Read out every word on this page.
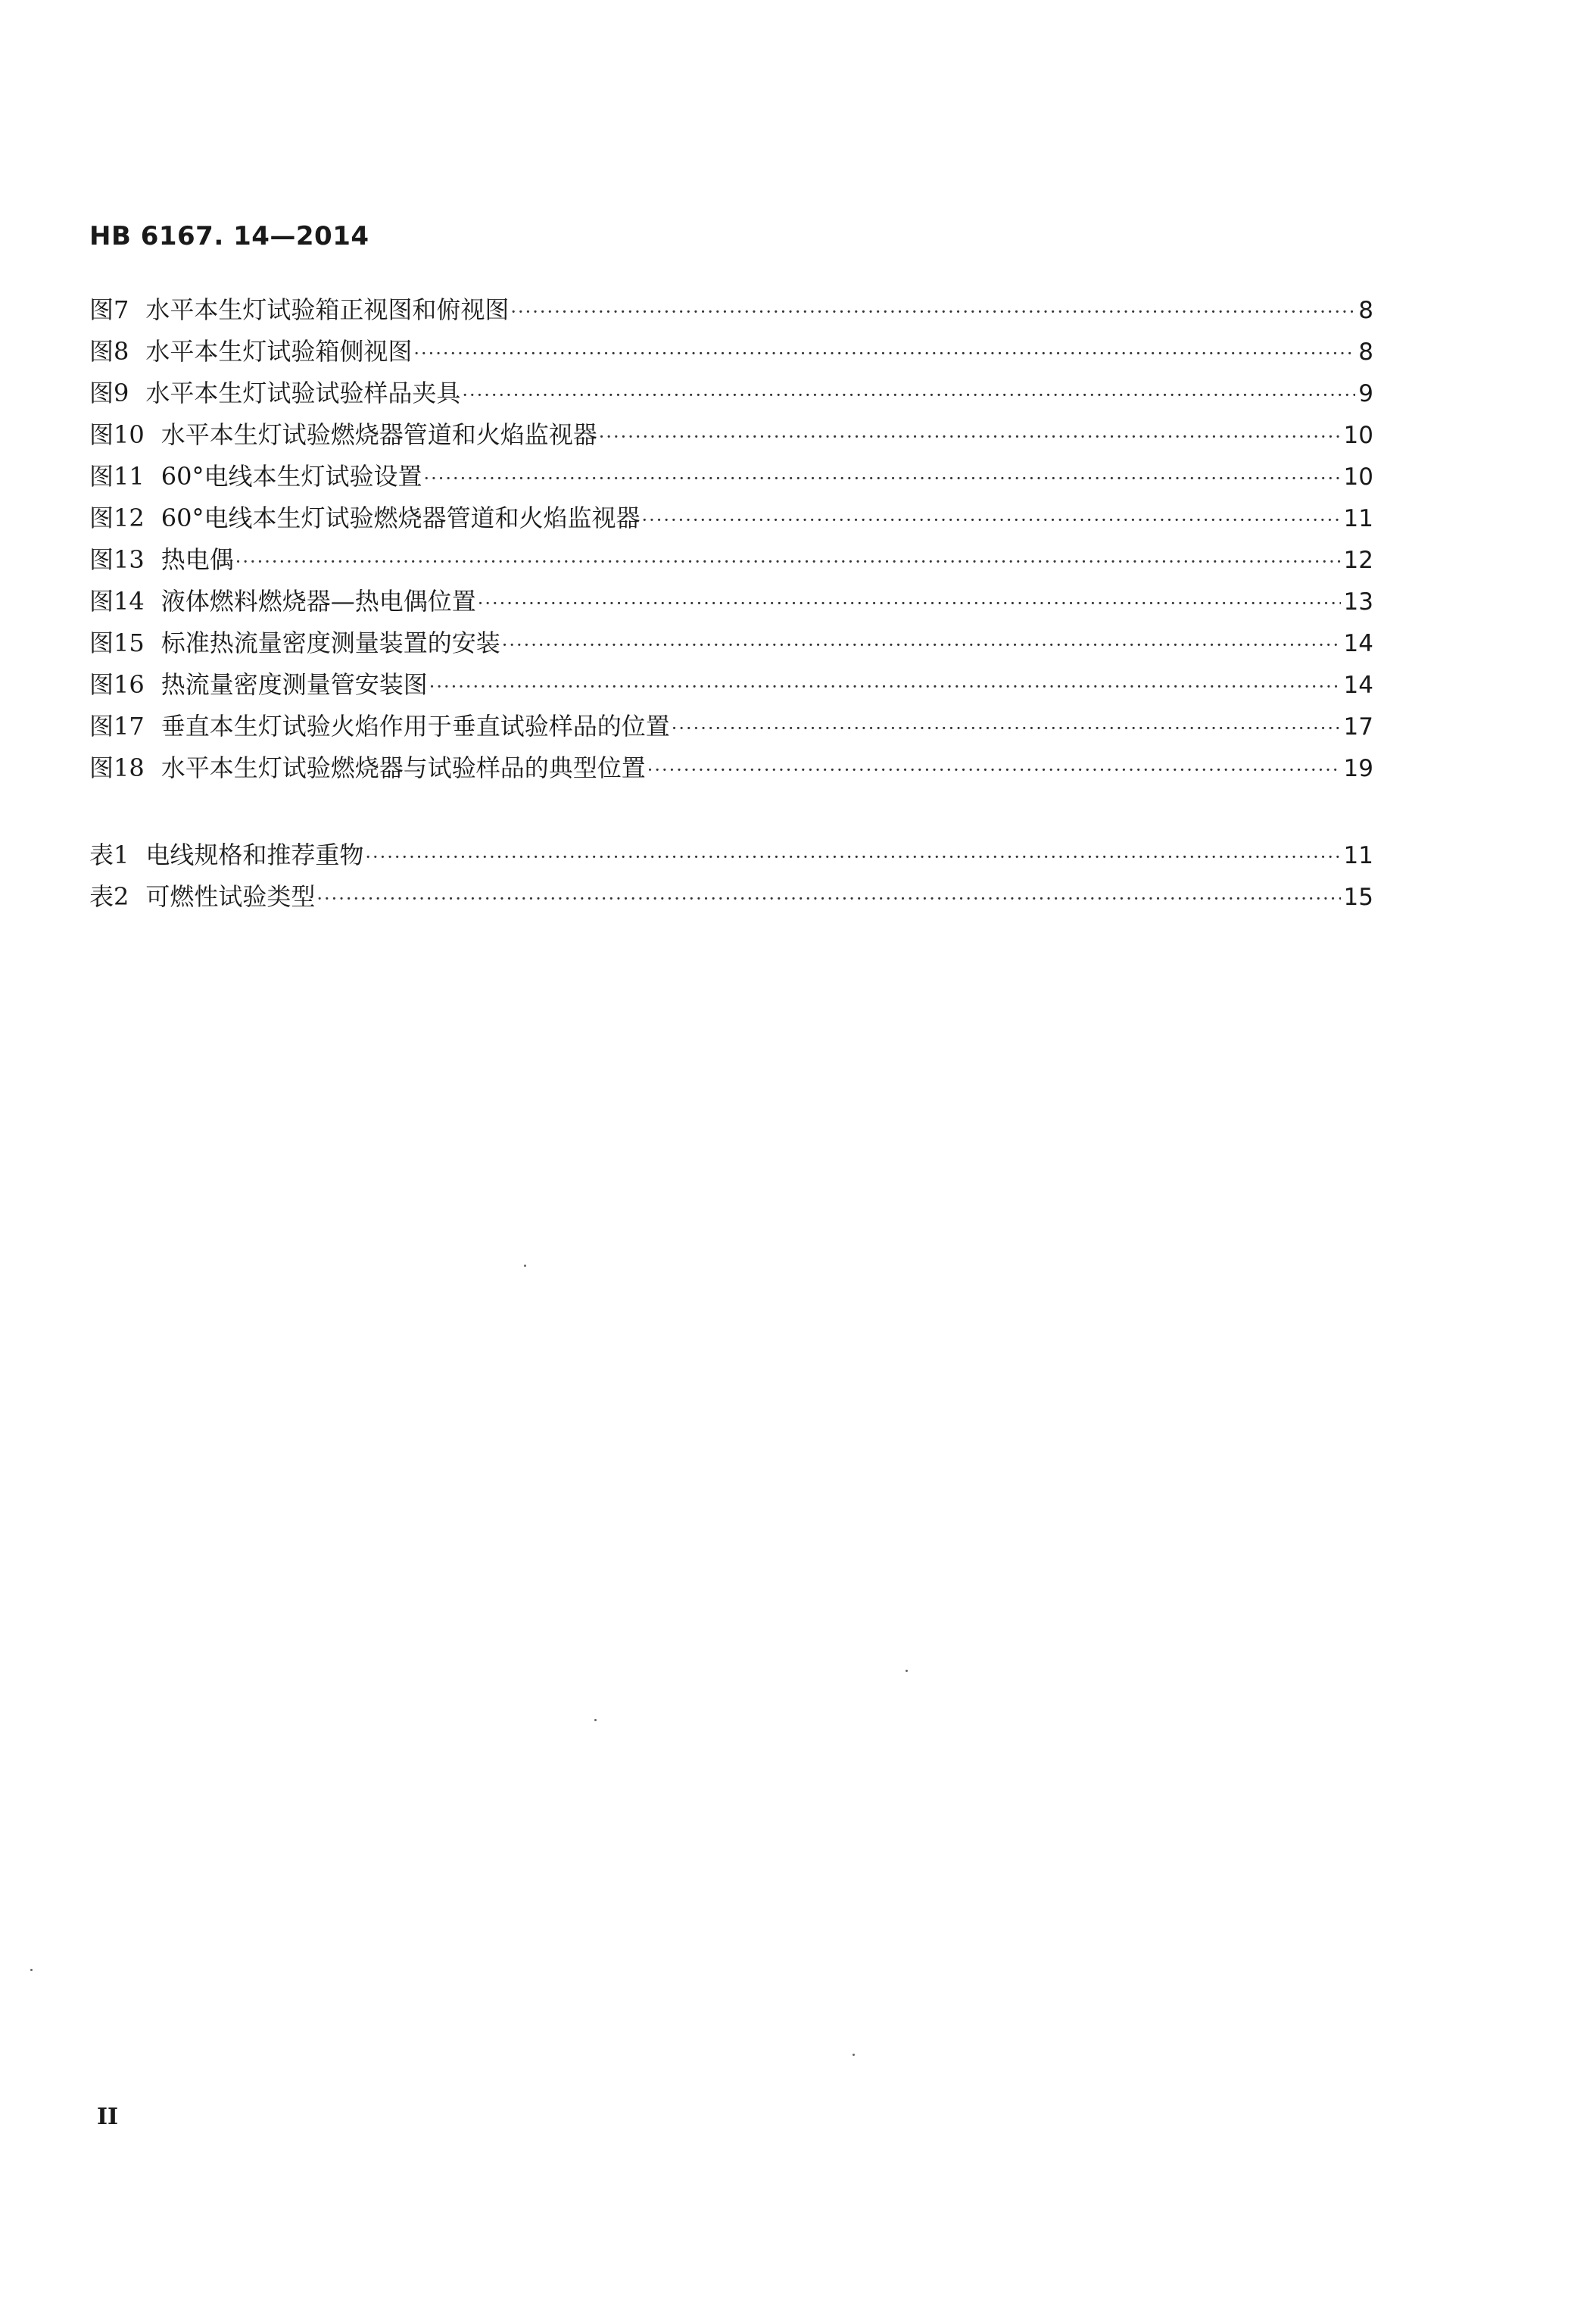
HB 6167. 14—2014
图7 水平本生灯试验箱正视图和俯视图 ·····	8
图8 水平本生灯试验箱侧视图 ·····	8
图9 水平本生灯试验试验样品夹具 ·····	9
图10 水平本生灯试验燃烧器管道和火焰监视器 ·····	10
图11 60°电线本生灯试验设置 ·····	10
图12 60°电线本生灯试验燃烧器管道和火焰监视器 ·····	11
图13 热电偶 ·····	12
图14 液体燃料燃烧器—热电偶位置 ·····	13
图15 标准热流量密度测量装置的安装 ·····	14
图16 热流量密度测量管安装图 ·····	14
图17 垂直本生灯试验火焰作用于垂直试验样品的位置 ·····	17
图18 水平本生灯试验燃烧器与试验样品的典型位置 ·····	19
表1 电线规格和推荐重物 ·····	11
表2 可燃性试验类型 ·····	15
II
